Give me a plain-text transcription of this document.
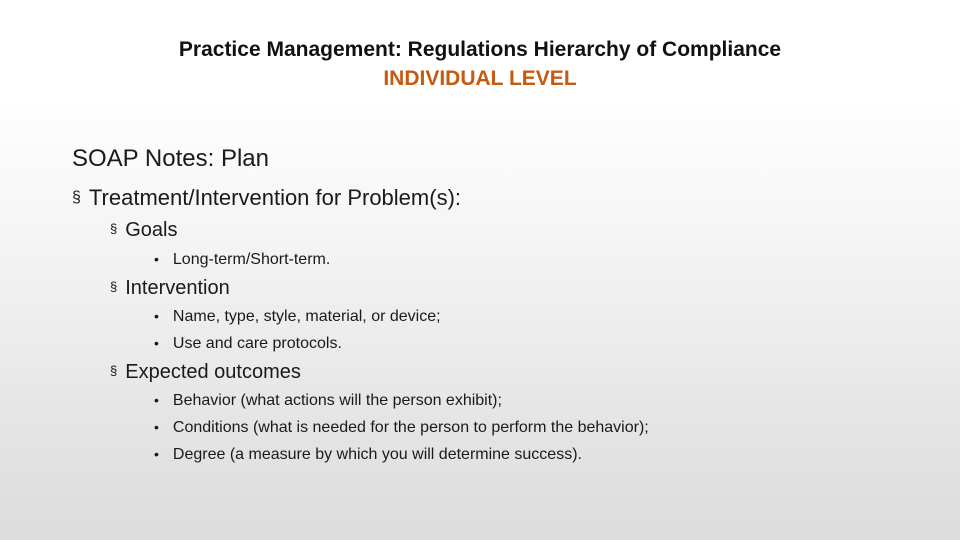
Practice Management: Regulations Hierarchy of Compliance
INDIVIDUAL LEVEL
SOAP Notes: Plan
§ Treatment/Intervention for Problem(s):
§ Goals
• Long-term/Short-term.
§ Intervention
• Name, type, style, material, or device;
• Use and care protocols.
§ Expected outcomes
• Behavior (what actions will the person exhibit);
• Conditions (what is needed for the person to perform the behavior);
• Degree (a measure by which you will determine success).
